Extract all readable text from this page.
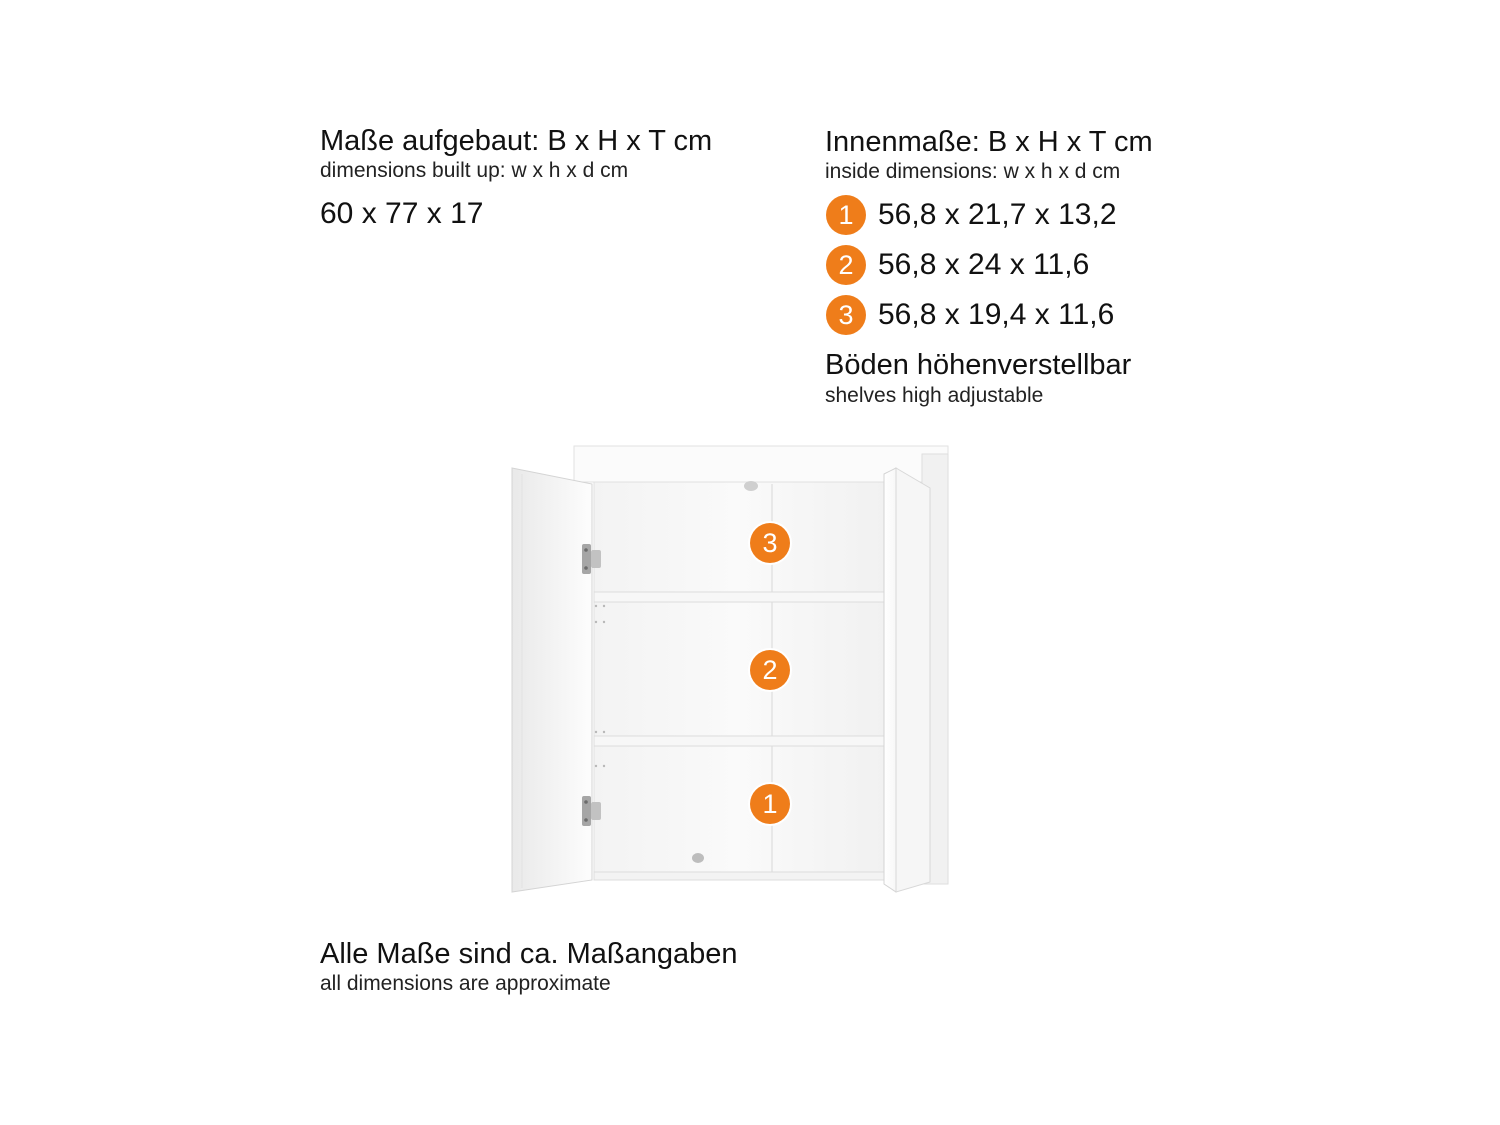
Maße aufgebaut: B x H x T cm
dimensions built up: w x h x d cm
60 x 77 x 17
Innenmaße: B x H x T cm
inside dimensions: w x h x d cm
1 56,8 x 21,7 x 13,2
2 56,8 x 24 x 11,6
3 56,8 x 19,4 x 11,6
Böden höhenverstellbar
shelves high adjustable
3
2
1
Alle Maße sind ca. Maßangaben
all dimensions are approximate
